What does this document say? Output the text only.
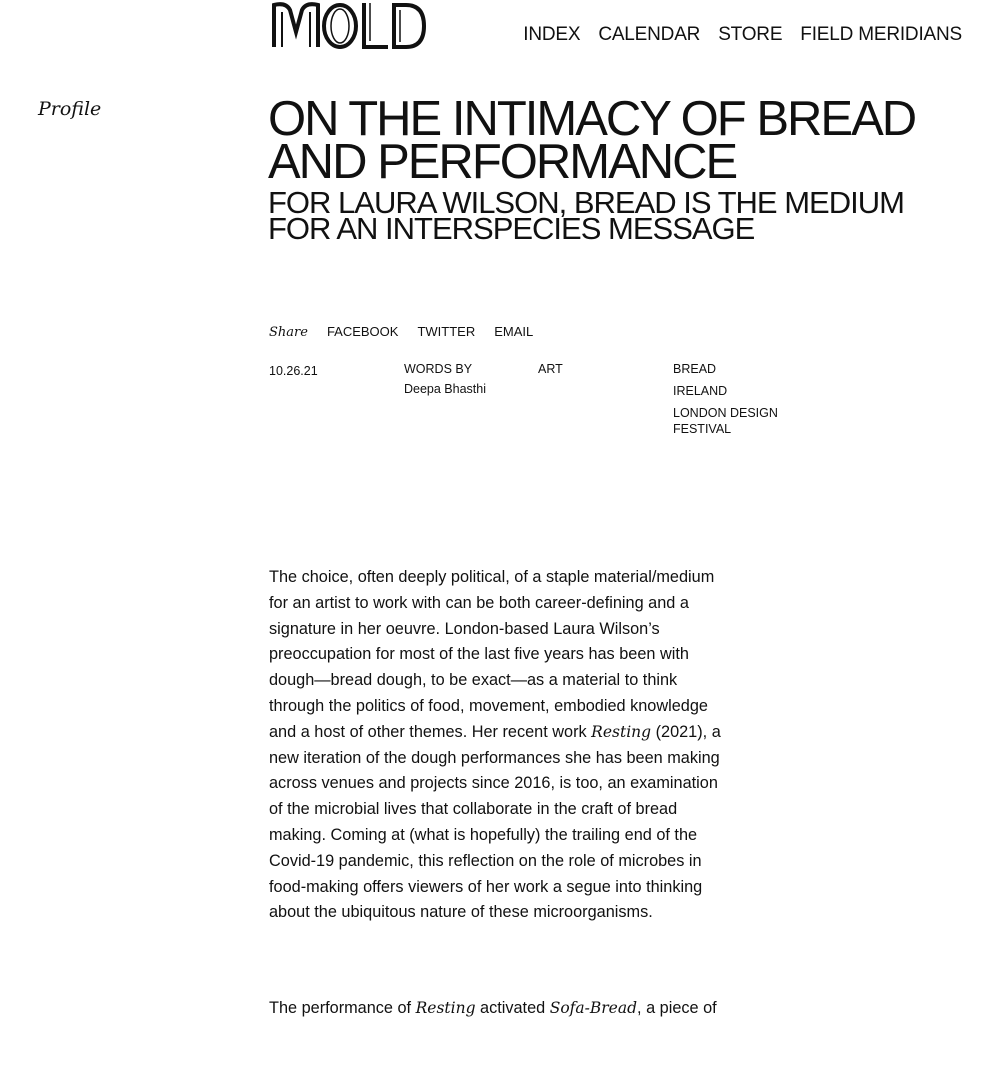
INDEX CALENDAR STORE FIELD MERIDIANS
Profile	ON THE INTIMACY OF BREAD AND PERFORMANCE
FOR LAURA WILSON, BREAD IS THE MEDIUM FOR AN INTERSPECIES MESSAGE
Share FACEBOOK TWITTER EMAIL
10.26.21	WORDS BY
Deepa Bhasthi
ART	BREAD
IRELAND
LONDON DESIGN FESTIVAL

The choice, often deeply political, of a staple material/medium for an artist to work with can be both career-defining and a signature in her oeuvre. London-based Laura Wilson’s preoccupation for most of the last five years has been with dough—bread dough, to be exact—as a material to think through the politics of food, movement, embodied knowledge and a host of other themes. Her recent work Resting (2021), a new iteration of the dough performances she has been making across venues and projects since 2016, is too, an examination of the microbial lives that collaborate in the craft of bread making. Coming at (what is hopefully) the trailing end of the Covid-19 pandemic, this reflection on the role of microbes in food-making offers viewers of her work a segue into thinking about the ubiquitous nature of these microorganisms.

The performance of Resting activated Sofa-Bread, a piece of
